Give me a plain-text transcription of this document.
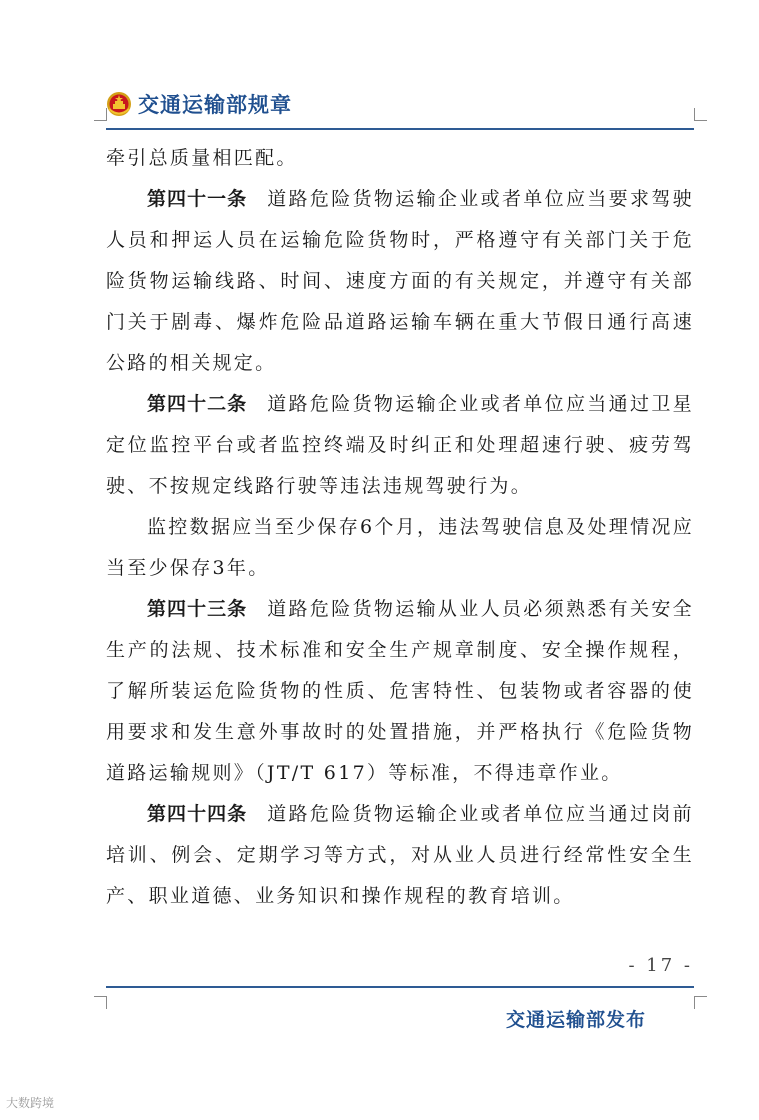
交通运输部规章

牵引总质量相匹配。

第四十一条 道路危险货物运输企业或者单位应当要求驾驶人员和押运人员在运输危险货物时，严格遵守有关部门关于危险货物运输线路、时间、速度方面的有关规定，并遵守有关部门关于剧毒、爆炸危险品道路运输车辆在重大节假日通行高速公路的相关规定。

第四十二条 道路危险货物运输企业或者单位应当通过卫星定位监控平台或者监控终端及时纠正和处理超速行驶、疲劳驾驶、不按规定线路行驶等违法违规驾驶行为。

监控数据应当至少保存6个月，违法驾驶信息及处理情况应当至少保存3年。

第四十三条 道路危险货物运输从业人员必须熟悉有关安全生产的法规、技术标准和安全生产规章制度、安全操作规程，了解所装运危险货物的性质、危害特性、包装物或者容器的使用要求和发生意外事故时的处置措施，并严格执行《危险货物道路运输规则》（JT/T 617）等标准，不得违章作业。

第四十四条 道路危险货物运输企业或者单位应当通过岗前培训、例会、定期学习等方式，对从业人员进行经常性安全生产、职业道德、业务知识和操作规程的教育培训。

- 17 -
交通运输部发布
大数跨境
